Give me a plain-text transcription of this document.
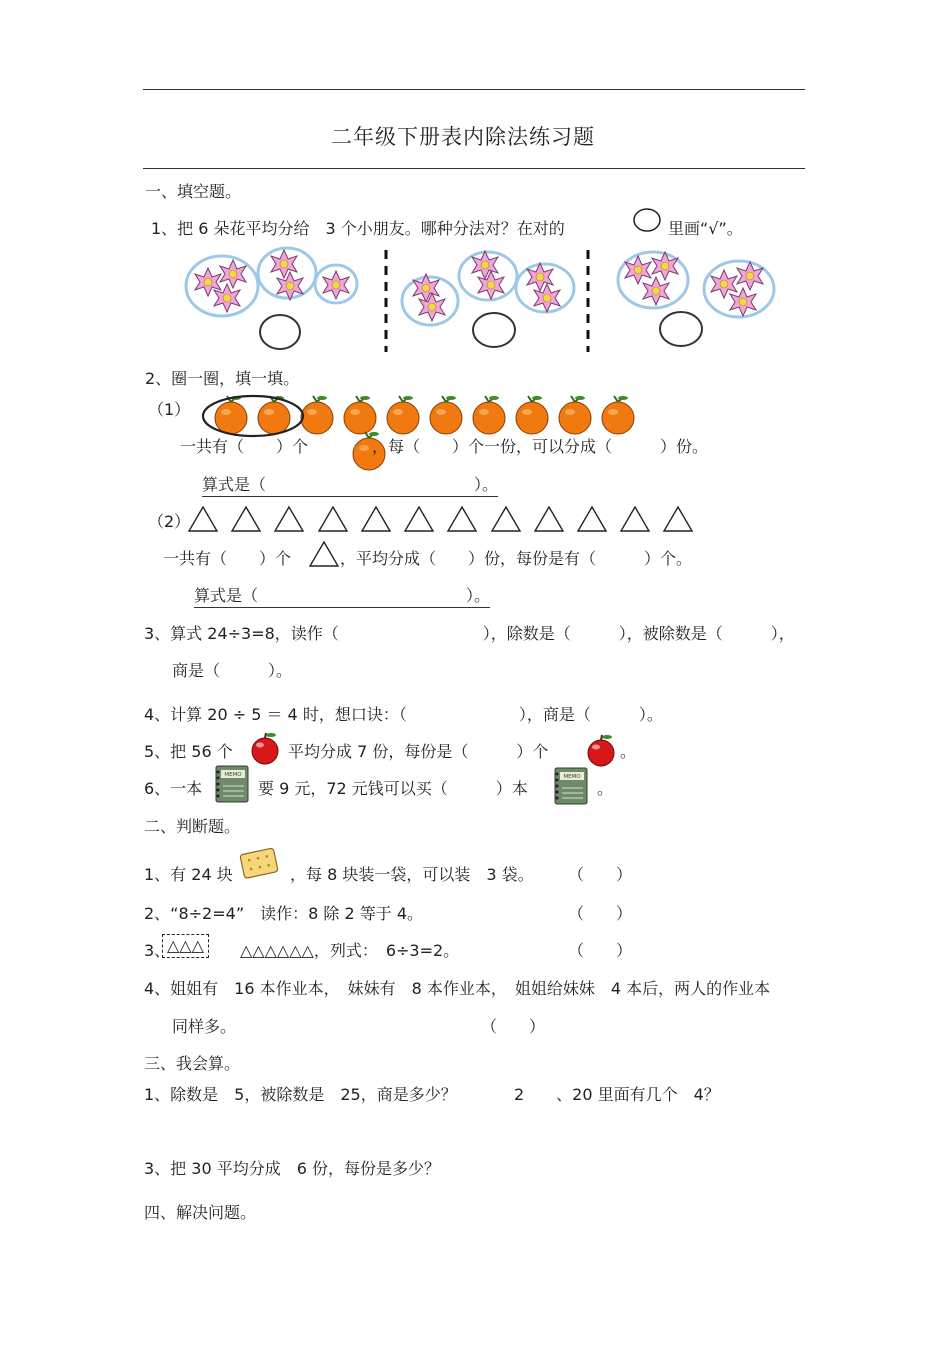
二年级下册表内除法练习题
一、填空题。
1、把 6 朵花平均分给　3 个小朋友。哪种分法对？在对的	里画“√”。
2、圈一圈，填一填。
（1）
一共有（　　）个	，每（　　）个一份，可以分成（　　　）份。
算式是（　　　　　　　　　　　　　）。
（2）
一共有（　　）个	，平均分成（　　）份，每份是有（　　　）个。
算式是（　　　　　　　　　　　　　）。
3、算式 24÷3=8，读作（　　　　　　　　　），除数是（　　　），被除数是（　　　），
商是（　　　）。
4、计算 20 ÷ 5 ＝ 4 时，想口诀：（　　　　　　　），商是（　　　）。
5、把 56 个	平均分成 7 份，每份是（　　　）个	。
6、一本
MEMO
要 9 元，72 元钱可以买（　　　）本
MEMO
。
二、判断题。
1、有 24 块	，每 8 块装一袋，可以装　3 袋。 （　　）
2、“8÷2=4”　读作：8 除 2 等于 4。	（　　）
3、
△△△	△△△△△△，列式：　6÷3=2。	（　　）
4、姐姐有　16 本作业本，　妹妹有　8 本作业本，　姐姐给妹妹　4 本后，两人的作业本
同样多。	（　　）
三、我会算。
1、除数是　5，被除数是　25，商是多少？	2　　、20 里面有几个　4？
3、把 30 平均分成　6 份，每份是多少？
四、解决问题。
